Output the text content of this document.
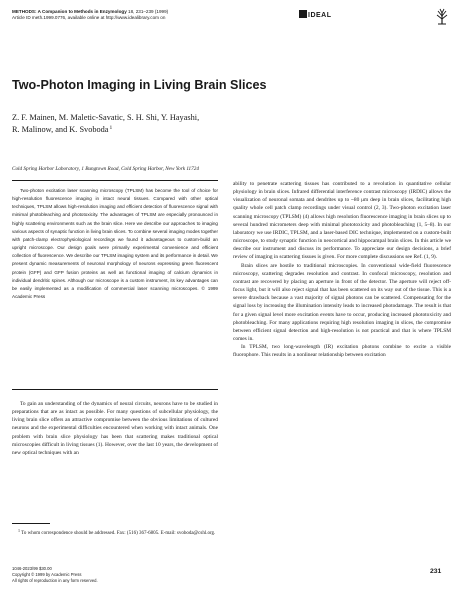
METHODS: A Companion to Methods in Enzymology 18, 231–239 (1999)
Article ID meth.1999.0776, available online at http://www.idealibrary.com on	IDEAL
Two-Photon Imaging in Living Brain Slices
Z. F. Mainen, M. Maletic-Savatic, S. H. Shi, Y. Hayashi,
R. Malinow, and K. Svoboda$^1$
Cold Spring Harbor Laboratory, 1 Bungtown Road, Cold Spring Harbor, New York 11724

Two-photon excitation laser scanning microscopy (TPLSM) has become the tool of choice for high-resolution fluorescence imaging in intact neural tissues. Compared with other optical techniques, TPLSM allows high-resolution imaging and efficient detection of fluorescence signal with minimal photobleaching and phototoxicity. The advantages of TPLSM are especially pronounced in highly scattering environments such as the brain slice. Here we describe our approaches to imaging various aspects of synaptic function in living brain slices. To combine several imaging modes together with patch-clamp electrophysiological recordings we found it advantageous to custom-build an upright microscope. Our design goals were primarily experimental convenience and efficient collection of fluorescence. We describe our TPLSM imaging system and its performance in detail. We present dynamic measurements of neuronal morphology of neurons expressing green fluorescent protein (GFP) and GFP fusion proteins as well as functional imaging of calcium dynamics in individual dendritic spines. Although our microscope is a custom instrument, its key advantages can be easily implemented as a modification of commercial laser scanning microscopes. © 1999 Academic Press

To gain an understanding of the dynamics of neural circuits, neurons have to be studied in preparations that are as intact as possible. For many questions of subcellular physiology, the living brain slice offers an attractive compromise between the obvious limitations of cultured neurons and the experimental difficulties encountered when working with intact animals. One problem with brain slice physiology has been that scattering makes traditional optical microscopies difficult in living tissues (1). However, over the last 10 years, the development of new optical techniques with an

$^1$ To whom correspondence should be addressed. Fax: (516) 367-6805. E-mail: svoboda@cshl.org.

1046-2023/99 $30.00
Copyright © 1999 by Academic Press
All rights of reproduction in any form reserved.

ability to penetrate scattering tissues has contributed to a revolution in quantitative cellular physiology in brain slices. Infrared differential interference contrast microscopy (IRDIC) allows the visualization of neuronal somata and dendrites up to ~80 μm deep in brain slices, facilitating high quality whole cell patch clamp recordings under visual control (2, 3). Two-photon excitation laser scanning microscopy (TPLSM) (4) allows high resolution fluorescence imaging in brain slices up to several hundred micrometers deep with minimal phototoxicity and photobleaching (1, 5–8). In our laboratory we use IRDIC, TPLSM, and a laser-based DIC technique, implemented on a custom-built microscope, to study synaptic function in neocortical and hippocampal brain slices. In this article we describe our instrument and discuss its performance. To appreciate our design decisions, a brief review of imaging in scattering tissues is given. For more complete discussions see Ref. (1, 9).

Brain slices are hostile to traditional microscopies. In conventional wide-field fluorescence microscopy, scattering degrades resolution and contrast. In confocal microscopy, resolution and contrast are recovered by placing an aperture in front of the detector. The aperture will reject off-focus light, but it will also reject signal that has been scattered on its way out of the tissue. This is a severe drawback because a vast majority of signal photons can be scattered. Compensating for the signal loss by increasing the illumination intensity leads to increased photodamage. The result is that for a given signal level more excitation events have to occur, producing increased phototoxicity and photobleaching. For many applications requiring high resolution imaging in slices, the compromise between efficient signal detection and high-resolution is not practical and that is where TPLSM comes in.

In TPLSM, two long-wavelength (IR) excitation photons combine to excite a visible fluorophore. This results in a nonlinear relationship between excitation

231
